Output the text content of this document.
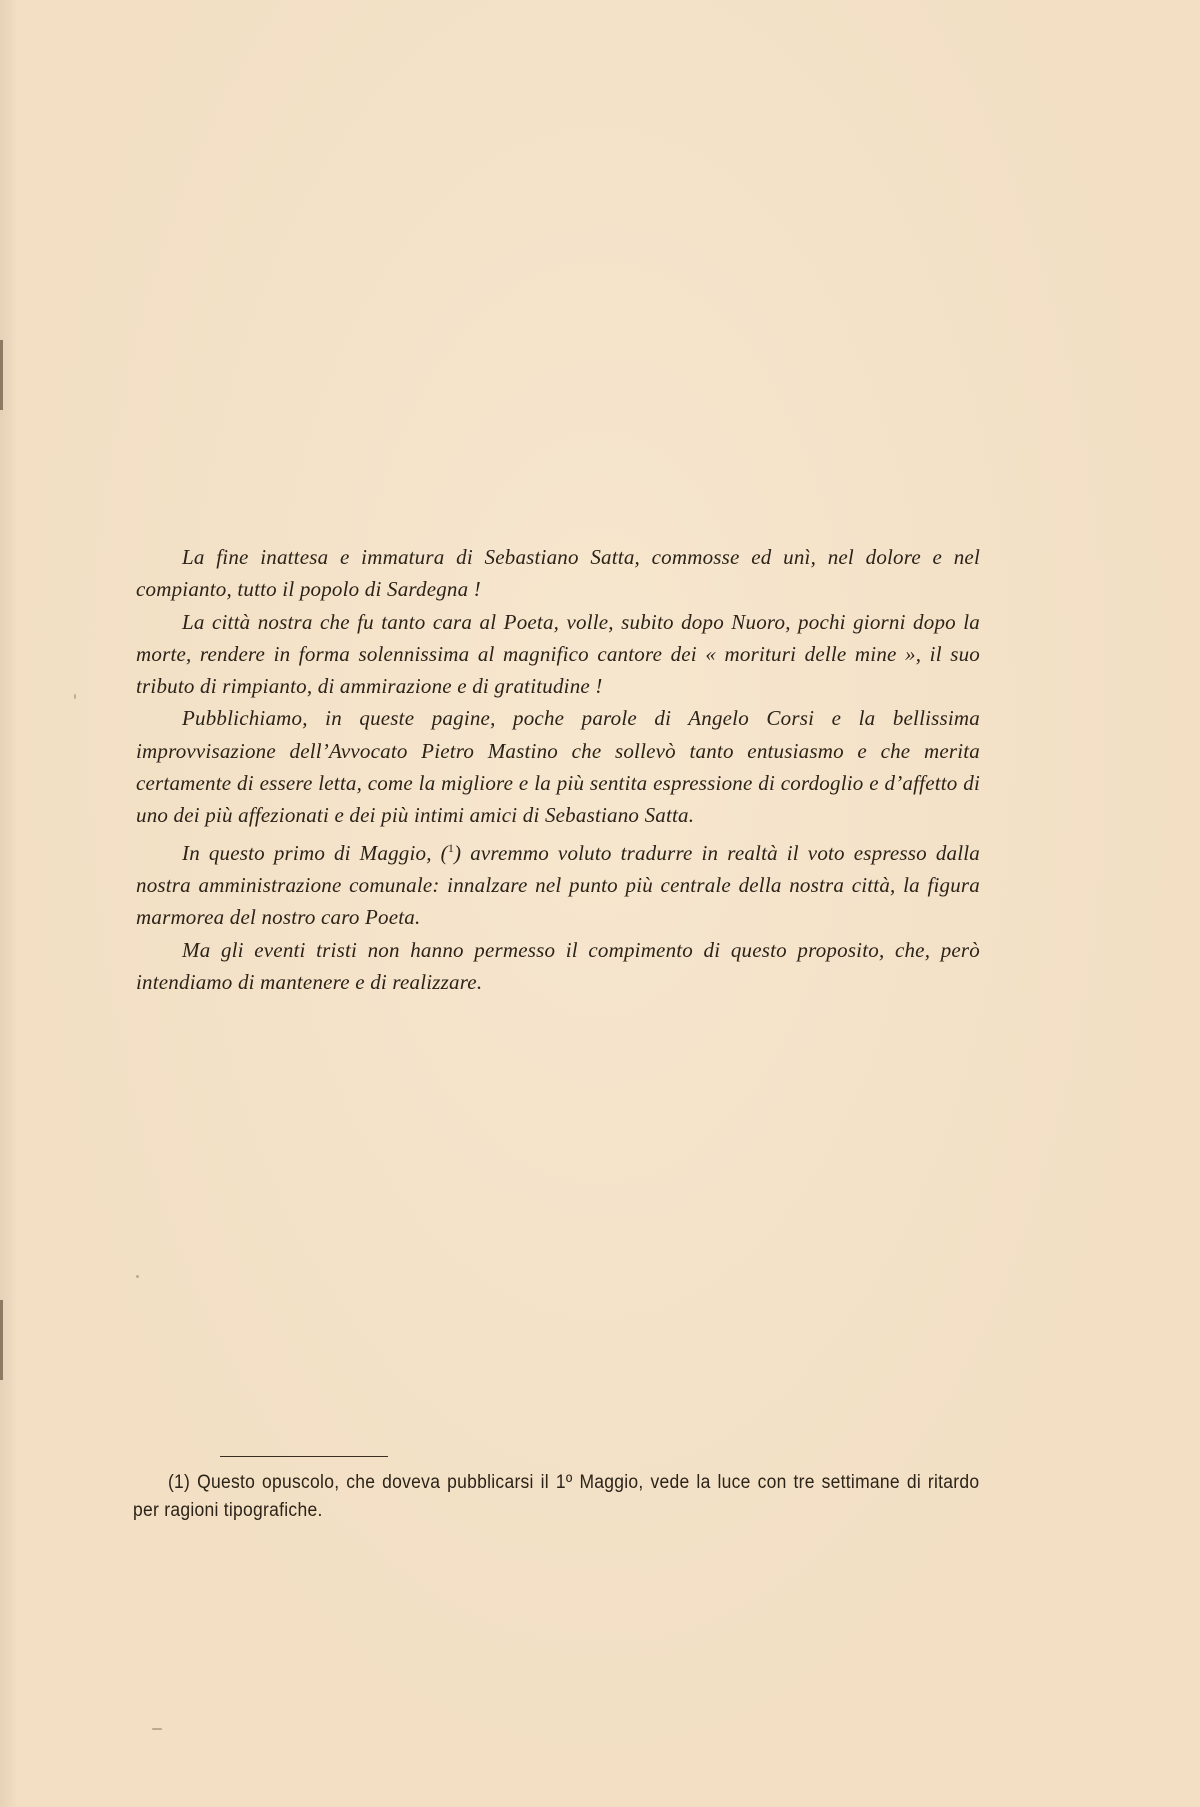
La fine inattesa e immatura di Sebastiano Satta, commosse ed unì, nel dolore e nel compianto, tutto il popolo di Sardegna !

La città nostra che fu tanto cara al Poeta, volle, subito dopo Nuoro, pochi giorni dopo la morte, rendere in forma solennissima al magnifico cantore dei « morituri delle mine », il suo tributo di rimpianto, di ammirazione e di gratitudine !

Pubblichiamo, in queste pagine, poche parole di Angelo Corsi e la bellissima improvvisazione dell’Avvocato Pietro Mastino che sollevò tanto entusiasmo e che merita certamente di essere letta, come la migliore e la più sentita espressione di cordoglio e d’affetto di uno dei più affezionati e dei più intimi amici di Sebastiano Satta.

In questo primo di Maggio, ($^1$) avremmo voluto tradurre in realtà il voto espresso dalla nostra amministrazione comunale: innalzare nel punto più centrale della nostra città, la figura marmorea del nostro caro Poeta.

Ma gli eventi tristi non hanno permesso il compimento di questo proposito, che, però intendiamo di mantenere e di realizzare.

(1) Questo opuscolo, che doveva pubblicarsi il 1º Maggio, vede la luce con tre settimane di ritardo per ragioni tipografiche.
